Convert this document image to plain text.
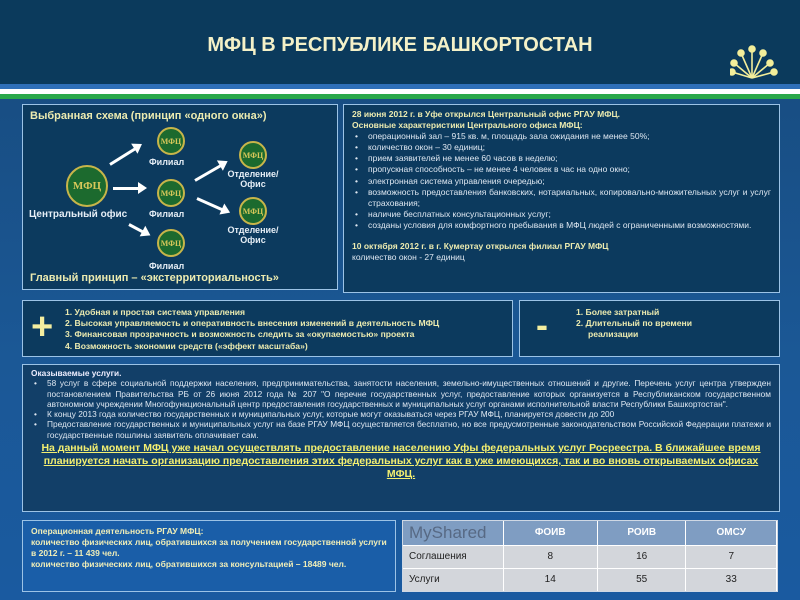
МФЦ В РЕСПУБЛИКЕ БАШКОРТОСТАН
Выбранная схема (принцип «одного окна»)
МФЦ
Центральный офис
МФЦ
Филиал
МФЦ
Филиал
МФЦ
Филиал
МФЦ
Отделение/ Офис
МФЦ
Отделение/ Офис
Главный принцип – «экстерриториальность»
28 июня 2012 г. в Уфе открылся Центральный офис РГАУ МФЦ.
Основные характеристики Центрального офиса МФЦ:
• операционный зал – 915 кв. м, площадь зала ожидания не менее 50%;
• количество окон – 30 единиц;
• прием заявителей не менее 60 часов в неделю;
• пропускная способность – не менее 4 человек в час на одно окно;
• электронная система управления очередью;
• возможность предоставления банковских, нотариальных, копировально-множительных услуг и услуг страхования;
• наличие бесплатных консультационных услуг;
• созданы условия для комфортного пребывания в МФЦ людей с ограниченными возможностями.
10 октября 2012 г. в г. Кумертау открылся филиал РГАУ МФЦ
количество окон - 27 единиц
+ 1. Удобная и простая система управления
2. Высокая управляемость и оперативность внесения изменений в деятельность МФЦ
3. Финансовая прозрачность и возможность следить за «окупаемостью» проекта
4. Возможность экономии средств («эффект масштаба»)
-	1. Более затратный
2. Длительный по времени реализации
Оказываемые услуги.
• 58 услуг в сфере социальной поддержки населения, предпринимательства, занятости населения, земельно-имущественных отношений и другие. Перечень услуг центра утвержден постановлением Правительства РБ от 26 июня 2012 года № 207 "О перечне государственных услуг, предоставление которых организуется в Республиканском государственном автономном учреждении Многофункциональный центр предоставления государственных и муниципальных услуг органами исполнительной власти Республики Башкортостан".
• К концу 2013 года количество государственных и муниципальных услуг, которые могут оказываться через РГАУ МФЦ, планируется довести до 200
• Предоставление государственных и муниципальных услуг на базе РГАУ МФЦ осуществляется бесплатно, но все предусмотренные законодательством Российской Федерации платежи и государственные пошлины заявитель оплачивает сам.
На данный момент МФЦ уже начал осуществлять предоставление населению Уфы федеральных услуг Росреестра. В ближайшее время планируется начать организацию предоставления этих федеральных услуг как в уже имеющихся, так и во вновь открываемых офисах МФЦ.
Операционная деятельность РГАУ МФЦ:
количество физических лиц, обратившихся за получением государственной услуги в 2012 г. – 11 439 чел.
количество физических лиц, обратившихся за консультацией – 18489 чел.
MyShared	ФОИВ	РОИВ	ОМСУ
Соглашения	8	16	7
Услуги	14	55	33
